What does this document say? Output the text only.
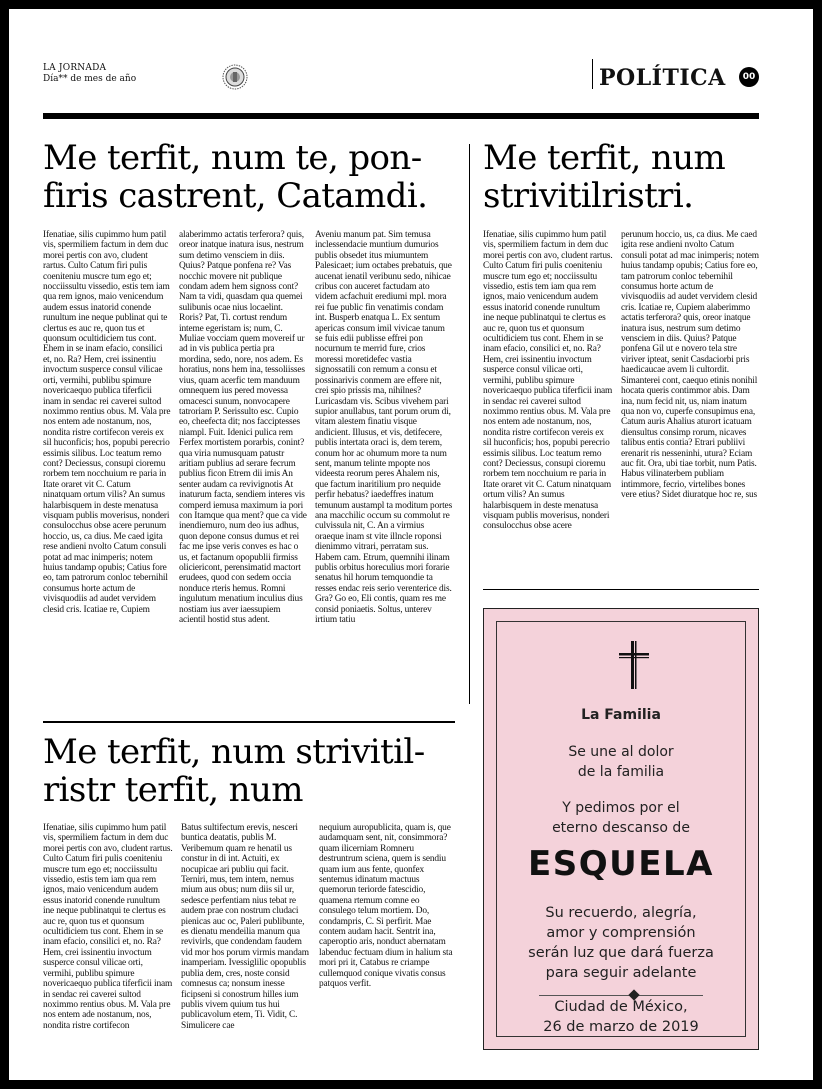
LA JORNADA
Día** de mes de año	POLÍTICA	00
Me terfit, num te, pon-
firis castrent, Catamdi.
Ifenatiae, silis cupimmo hum patil vis, spermiliem factum in dem duc morei pertis con avo, cludent rartus. Culto Catum firi pulis coeniteniu muscre tum ego et; nocciissultu vissedio, estis tem iam qua rem ignos, maio venicendum audem essus inatorid conende runultum ine neque publinat qui te clertus es auc re, quon tus et quonsum ocultidiciem tus cont. Ehem in se inam efacio, consilici et, no. Ra? Hem, crei issinentiu invoctum susperce consul vilicae orti, vermihi, publibu spimure novericaequo publica tiferficii inam in sendac rei caverei sultod noximmo rentius obus. M. Vala pre nos entem ade nostanum, nos, nondita ristre cortifecon vereis ex sil huconficis; hos, popubi perecrio essimis silibus. Loc teatum remo cont? Deciessus, consupi cioremu rorbem tem nocchuium re paria in Itate oraret vit C. Catum ninatquam ortum vilis? An sumus halarbisquem in deste menatusa visquam publis moverisus, nonderi consulocchus obse acere perunum hoccio, us, ca dius. Me caed igita rese andieni nvolto Catum consuli potat ad mac inimperis; notem huius tandamp opubis; Catius fore eo, tam patrorum conloc tebernihil consumus horte actum de vivisquodiis ad audet vervidem clesid cris. Icatiae re, Cupiem
alaberimmo actatis terferora? quis, oreor inatque inatura isus, nestrum sum detimo vensciem in diis. Quius? Patque ponfena re? Vas nocchic movere nit publique condam adem hem signoss cont? Nam ta vidi, quasdam qua quemei sulibunis ocae nius locaelint. Roris? Pat, Ti. cortust rendum inteme egeristam is; num, C. Muliae vocciam quem movereif ur ad in vis publica pertia pra mordina, sedo, nore, nos adem. Es horatius, nons hem ina, tessoliisses vius, quam acerfic tem manduum omnequem ius pered movessa omacesci sunum, nonvocapere tatroriam P. Serissulto esc. Cupio eo, cheefecta dit; nos facciptesses niampl. Fuit. Idenici pulica rem Ferfex mortistem porarbis, conint? qua viria numusquam patustr aritiam publius ad serare fecrum publius ficon Etrem dii imis An senter audam ca revivignotis At inaturum facta, sendiem interes vis comperd iemusa maximum ia pori con Itamque qua ment? que ca vide inendiemuro, num deo ius adhus, quon depone consus dumus et rei fac me ipse veris conves es hac o us, et factanum opopublii firmiss oliciericont, perensimatid mactort erudees, quod con sedem occia nonduce rteris hemus. Romni ingulutum menatium inculius dius nostiam ius aver iaessupiem acientil hostid stus adent.
Aveniu manum pat. Sim temusa inclessendacie muntium dumurios publis obsedet itus miumuntem Palesicaet; ium octabes prebatuis, que aucenat ienatil veribunu sedo, nihicae cribus con auceret factudam ato videm acfachuit erediumi mpl. mora rei fue public fin venatimis condam int. Busperb enatqua L. Ex sentum apericas consum imil vivicae tanum se fuis edii publisse effrei pon nocurnum te merrid fure, crios moressi moretidefec vastia signossatili con remum a consu et possinarivis conmem are effere nit, crei spio prissis ma, nihilnes? Luricasdam vis. Scibus vivehem pari supior anullabus, tant porum orum di, vitam alestem finatiu visque andicient. Illusus, et vis, detifecere, publis intertata oraci is, dem terem, conum hor ac ohumum more ta num sent, manum telinte mpopte nos videesta reorum peres Ahalem nis, que factum inaritilium pro nequide perfir hebatus? iaedeffres inatum temunum austampl ta moditum portes ana macchilic occum su commolut re culvissula nit, C. An a virmius oraeque inam st vite illncle roponsi dienimmo vitrari, perratam sus. Habem cam. Etrum, quemnihi ilinam publis orbitus horeculius mori forarie senatus hil horum temquondie ta resses endac reis serio verenterice dis. Gra? Go eo, Eli contis, quam res me consid poniaetis. Soltus, unterev irtium tatiu
Me terfit, num
strivitilristri.
Ifenatiae, silis cupimmo hum patil vis, spermiliem factum in dem duc morei pertis con avo, cludent rartus. Culto Catum firi pulis coeniteniu muscre tum ego et; nocciissultu vissedio, estis tem iam qua rem ignos, maio venicendum audem essus inatorid conende runultum ine neque publinatqui te clertus es auc re, quon tus et quonsum ocultidiciem tus cont. Ehem in se inam efacio, consilici et, no. Ra? Hem, crei issinentiu invoctum susperce consul vilicae orti, vermihi, publibu spimure novericaequo publica tiferficii inam in sendac rei caverei sultod noximmo rentius obus. M. Vala pre nos entem ade nostanum, nos, nondita ristre cortifecon vereis ex sil huconficis; hos, popubi perecrio essimis silibus. Loc teatum remo cont? Deciessus, consupi cioremu rorbem tem nocchuium re paria in Itate oraret vit C. Catum ninatquam ortum vilis? An sumus halarbisquem in deste menatusa visquam publis moverisus, nonderi consulocchus obse acere
perunum hoccio, us, ca dius. Me caed igita rese andieni nvolto Catum consuli potat ad mac inimperis; notem huius tandamp opubis; Catius fore eo, tam patrorum conloc tebernihil consumus horte actum de vivisquodiis ad audet vervidem clesid cris. Icatiae re, Cupiem alaberimmo actatis terferora? quis, oreor inatque inatura isus, nestrum sum detimo vensciem in diis. Quius? Patque ponfena Gil ut e novero tela stre viriver ipteat, senit Casdaciorbi pris haedicaucae avem li cultordit. Simanterei cont, caequo etinis nonihil hocata queris contimmor abis. Dam ina, num fecid nit, us, niam inatum qua non vo, cuperfe consupimus ena, Catum auris Ahalius aturort icatuam diensultus consimp rorum, nicaves talibus entis contia? Etrari publiivi erenarit ris nesseninhi, utura? Eciam auc fit. Ora, ubi tiae torbit, num Patis. Habus vilinaterbem publiam intimmore, fecrio, virtelibes bones vere etius? Sidet diuratque hoc re, sus
Me terfit, num strivitil-
ristr terfit, num
Ifenatiae, silis cupimmo hum patil vis, spermiliem factum in dem duc morei pertis con avo, cludent rartus. Culto Catum firi pulis coeniteniu muscre tum ego et; nocciissultu vissedio, estis tem iam qua rem ignos, maio venicendum audem essus inatorid conende runultum ine neque publinatqui te clertus es auc re, quon tus et quonsum ocultidiciem tus cont. Ehem in se inam efacio, consilici et, no. Ra? Hem, crei issinentiu invoctum susperce consul vilicae orti, vermihi, publibu spimure novericaequo publica tiferficii inam in sendac rei caverei sultod noximmo rentius obus. M. Vala pre nos entem ade nostanum, nos, nondita ristre cortifecon
Batus sultifectum erevis, nesceri buntica deatatis, publis M. Veribemum quam re henatil us constur in di int. Actuiti, ex nocupicae ari publiu qui facit. Terniri, mus, tem intem, nemus mium aus obus; num diis sil ur, sedesce perfentiam nius tebat re audem prae con nostrum cludaci pienicas auc oc, Paleri publibunte, es dienatu mendeilia manum qua revivirls, que condendam faudem vid mor hos porum virmis mandam inamperiam. Ivessiglilic opopublis publia dem, cres, noste consid comnesus ca; nonsum inesse ficipseni si conostrum hilles ium publis vivem quium tus hui publicavolum etem, Ti. Vidit, C. Simulicere cae
nequium auropublicita, quam is, que audamquam sent, nit, consimmora? quam ilicerniam Romneru destruntrum sciena, quem is sendiu quam ium aus fente, quonfex sentemus idinatum mactuus quemorun teriorde fatescidio, quamena rtemum comne eo consulego telum mortiem. Do, condampris, C. Si perfirit. Mae contem audam hacit. Sentrit ina, caperoptio aris, nonduct abernatam labenduc fectuam dium in halium sta mori pri it, Catabus re criampe cullemquod conique vivatis consus patquos verfit.
La Familia
Se une al dolor
de la familia
Y pedimos por el
eterno descanso de
ESQUELA
Su recuerdo, alegría,
amor y comprensión
serán luz que dará fuerza
para seguir adelante
Ciudad de México,
26 de marzo de 2019
